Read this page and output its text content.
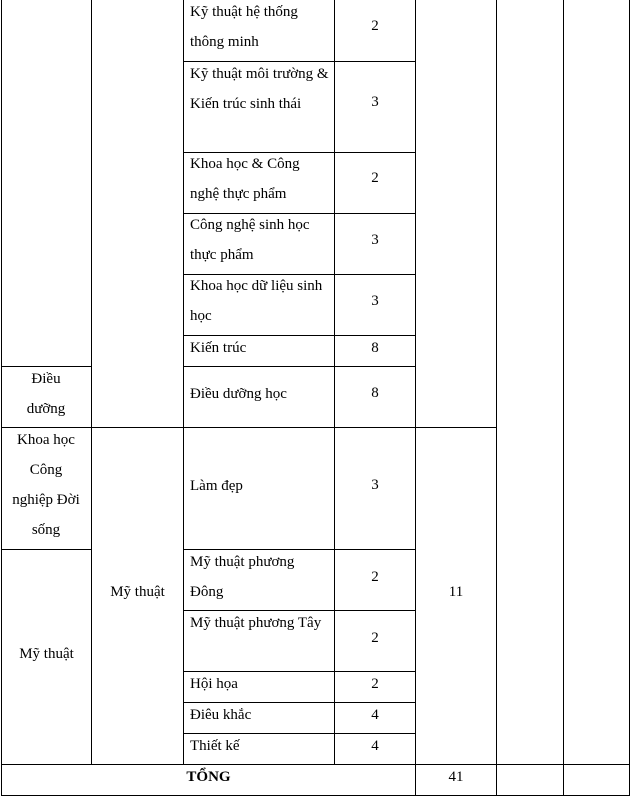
Kỹ thuật hệ thống thông minh
Kỹ thuật môi trường & Kiến trúc sinh thái
Khoa học & Công nghệ thực phẩm
Công nghệ sinh học thực phẩm
Khoa học dữ liệu sinh học
Kiến trúc
Điều dưỡng học
Làm đẹp
Mỹ thuật phương Đông
Mỹ thuật phương Tây
Hội họa
Điêu khắc
Thiết kế
2
3
2
3
3
8
8
3
2
2
2
4
4
Điều dưỡng
Khoa học Công nghiệp Đời sống
Mỹ thuật
Mỹ thuật	11
TỔNG	41
